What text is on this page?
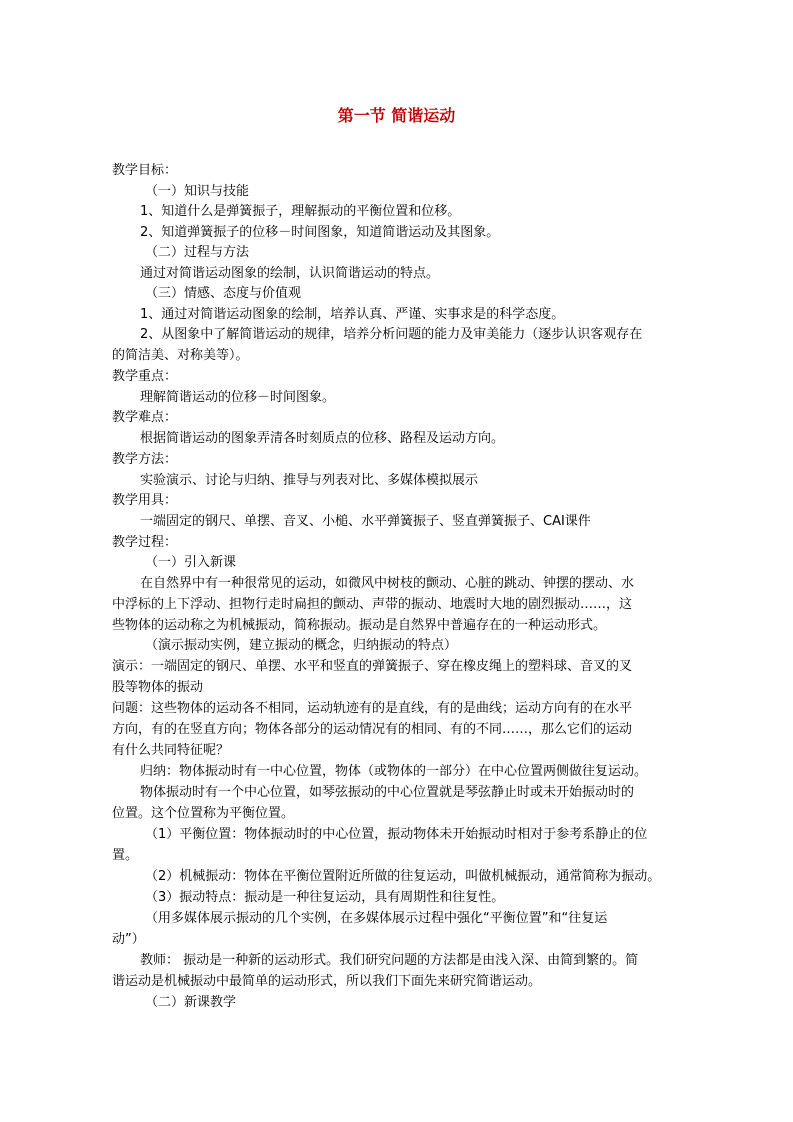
第一节 简谐运动
教学目标：
（一）知识与技能
1、知道什么是弹簧振子，理解振动的平衡位置和位移。
2、知道弹簧振子的位移－时间图象，知道简谐运动及其图象。
（二）过程与方法
通过对简谐运动图象的绘制，认识简谐运动的特点。
（三）情感、态度与价值观
1、通过对简谐运动图象的绘制，培养认真、严谨、实事求是的科学态度。
2、从图象中了解简谐运动的规律，培养分析问题的能力及审美能力（逐步认识客观存在
的简洁美、对称美等）。
教学重点：
理解简谐运动的位移－时间图象。
教学难点：
根据简谐运动的图象弄清各时刻质点的位移、路程及运动方向。
教学方法：
实验演示、讨论与归纳、推导与列表对比、多媒体模拟展示
教学用具：
一端固定的钢尺、单摆、音叉、小槌、水平弹簧振子、竖直弹簧振子、CAI课件
教学过程：
（一）引入新课
在自然界中有一种很常见的运动，如微风中树枝的颤动、心脏的跳动、钟摆的摆动、水
中浮标的上下浮动、担物行走时扁担的颤动、声带的振动、地震时大地的剧烈振动……，这
些物体的运动称之为机械振动，简称振动。振动是自然界中普遍存在的一种运动形式。
（演示振动实例，建立振动的概念，归纳振动的特点）
演示：一端固定的钢尺、单摆、水平和竖直的弹簧振子、穿在橡皮绳上的塑料球、音叉的叉
股等物体的振动
问题：这些物体的运动各不相同，运动轨迹有的是直线，有的是曲线；运动方向有的在水平
方向，有的在竖直方向；物体各部分的运动情况有的相同、有的不同……，那么它们的运动
有什么共同特征呢？
归纳：物体振动时有一中心位置，物体（或物体的一部分）在中心位置两侧做往复运动。
物体振动时有一个中心位置，如琴弦振动的中心位置就是琴弦静止时或未开始振动时的
位置。这个位置称为平衡位置。
（1）平衡位置：物体振动时的中心位置，振动物体未开始振动时相对于参考系静止的位
置。
（2）机械振动：物体在平衡位置附近所做的往复运动，叫做机械振动，通常简称为振动。
（3）振动特点：振动是一种往复运动，具有周期性和往复性。
（用多媒体展示振动的几个实例，在多媒体展示过程中强化“平衡位置”和“往复运
动”）
教师： 振动是一种新的运动形式。我们研究问题的方法都是由浅入深、由简到繁的。简
谐运动是机械振动中最简单的运动形式，所以我们下面先来研究简谐运动。
（二）新课教学
